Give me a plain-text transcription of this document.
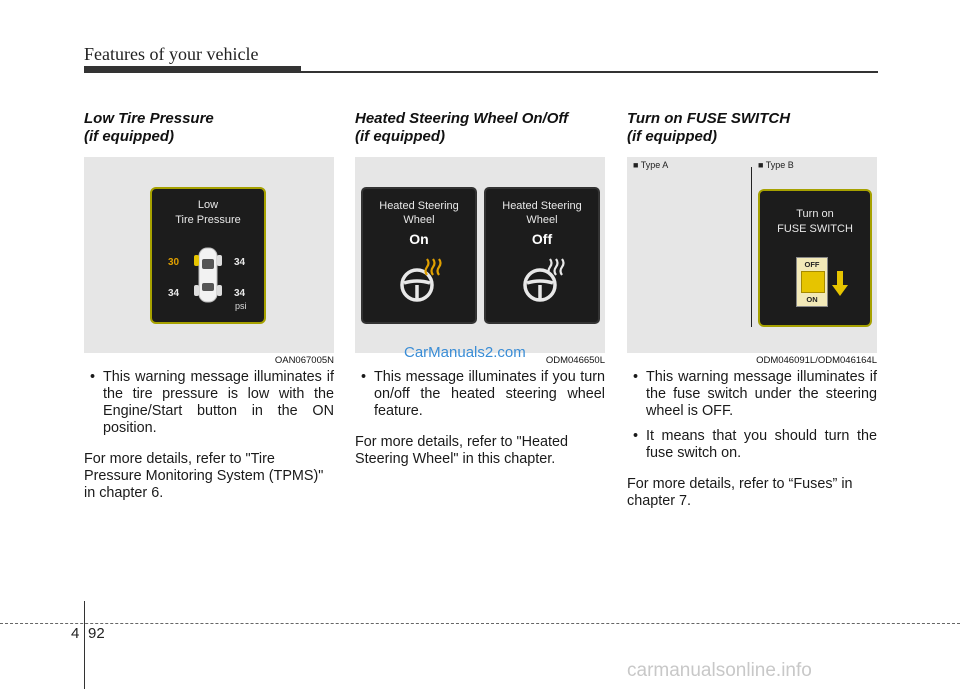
Features of your vehicle
Low Tire Pressure
(if equipped)
Low
Tire Pressure
30	34
34	34
psi
OAN067005N

• This warning message illuminates if the tire pressure is low with the Engine/Start button in the ON position.

For more details, refer to "Tire Pressure Monitoring System (TPMS)" in chapter 6.

Heated Steering Wheel On/Off
(if equipped)
Heated Steering
Wheel
On
Heated Steering
Wheel
Off
ODM046650L

• This message illuminates if you turn on/off the heated steering wheel feature.

For more details, refer to "Heated Steering Wheel" in this chapter.

Turn on FUSE SWITCH
(if equipped)
■ Type A	■ Type B
Turn on
FUSE SWITCH
OFF
ON
ODM046091L/ODM046164L

• This warning message illuminates if the fuse switch under the steering wheel is OFF.

• It means that you should turn the fuse switch on.

For more details, refer to “Fuses” in chapter 7.

CarManuals2.com
4 92
carmanualsonline.info
